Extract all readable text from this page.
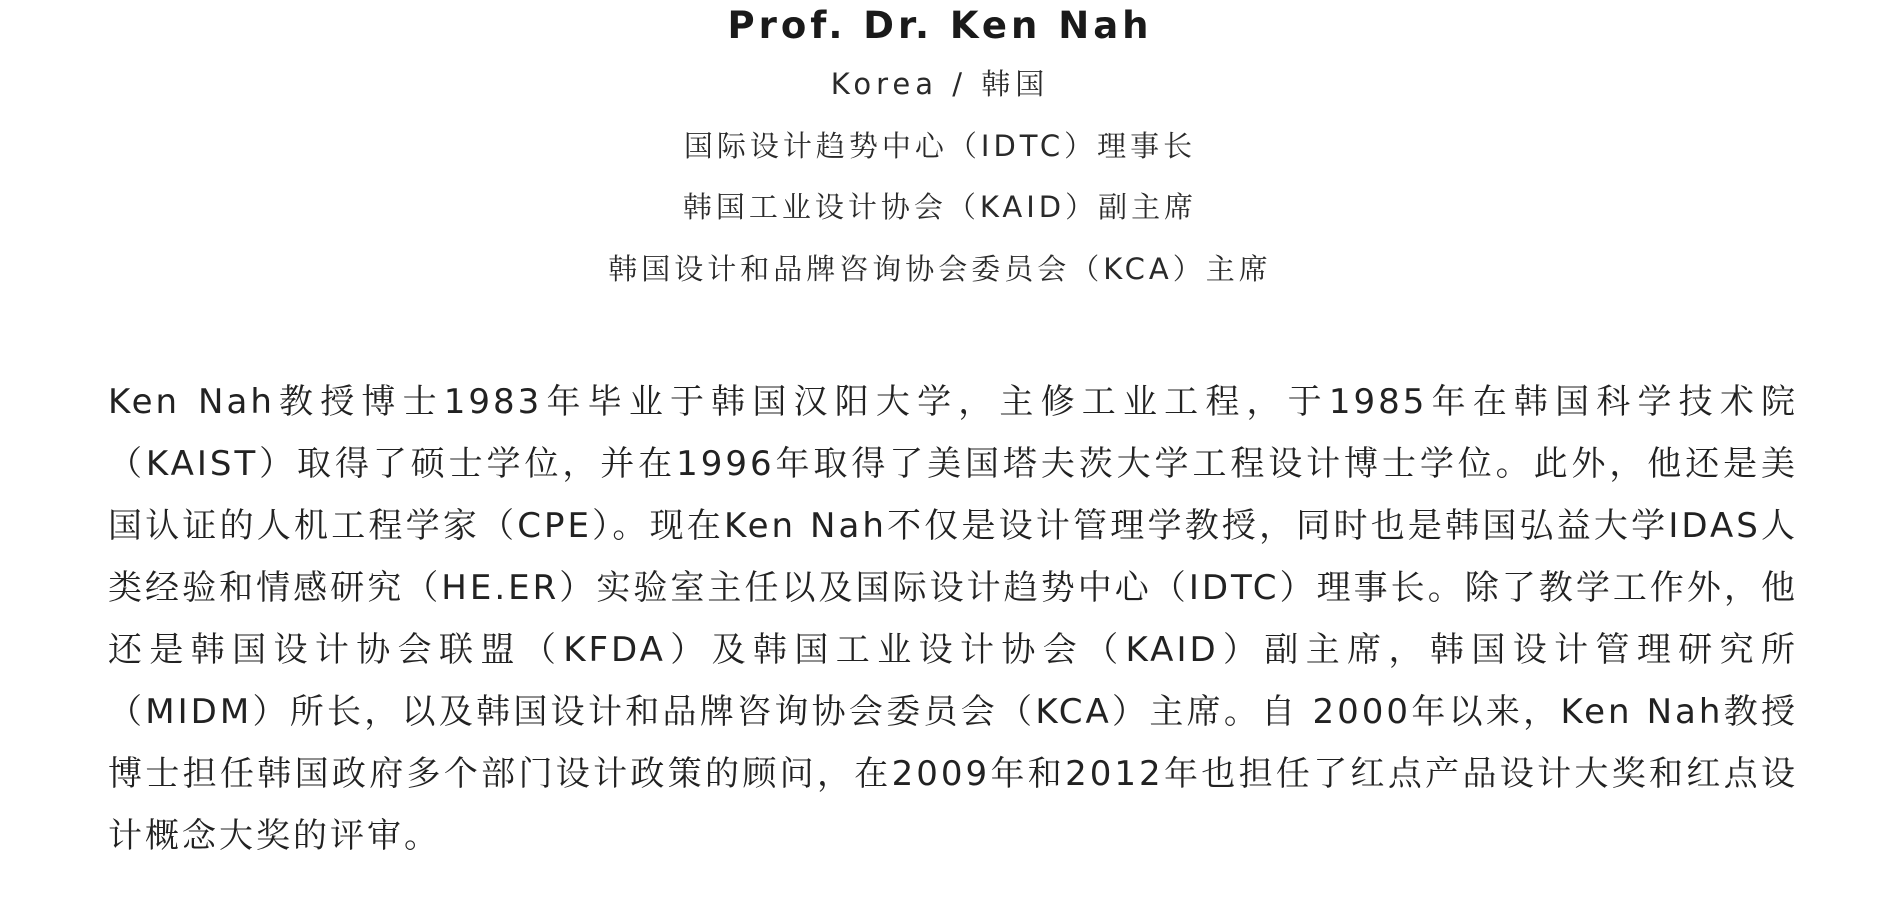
Prof. Dr. Ken Nah
Korea / 韩国
国际设计趋势中心（IDTC）理事长
韩国工业设计协会（KAID）副主席
韩国设计和品牌咨询协会委员会（KCA）主席

Ken Nah教授博士1983年毕业于韩国汉阳大学，主修工业工程，于1985年在韩国科学技术院（KAIST）取得了硕士学位，并在1996年取得了美国塔夫茨大学工程设计博士学位。此外，他还是美国认证的人机工程学家（CPE）。现在Ken Nah不仅是设计管理学教授，同时也是韩国弘益大学IDAS人类经验和情感研究（HE.ER）实验室主任以及国际设计趋势中心（IDTC）理事长。除了教学工作外，他还是韩国设计协会联盟（KFDA）及韩国工业设计协会（KAID）副主席，韩国设计管理研究所 （MIDM）所长，以及韩国设计和品牌咨询协会委员会（KCA）主席。自 2000年以来，Ken Nah教授博士担任韩国政府多个部门设计政策的顾问，在2009年和2012年也担任了红点产品设计大奖和红点设计概念大奖的评审。
